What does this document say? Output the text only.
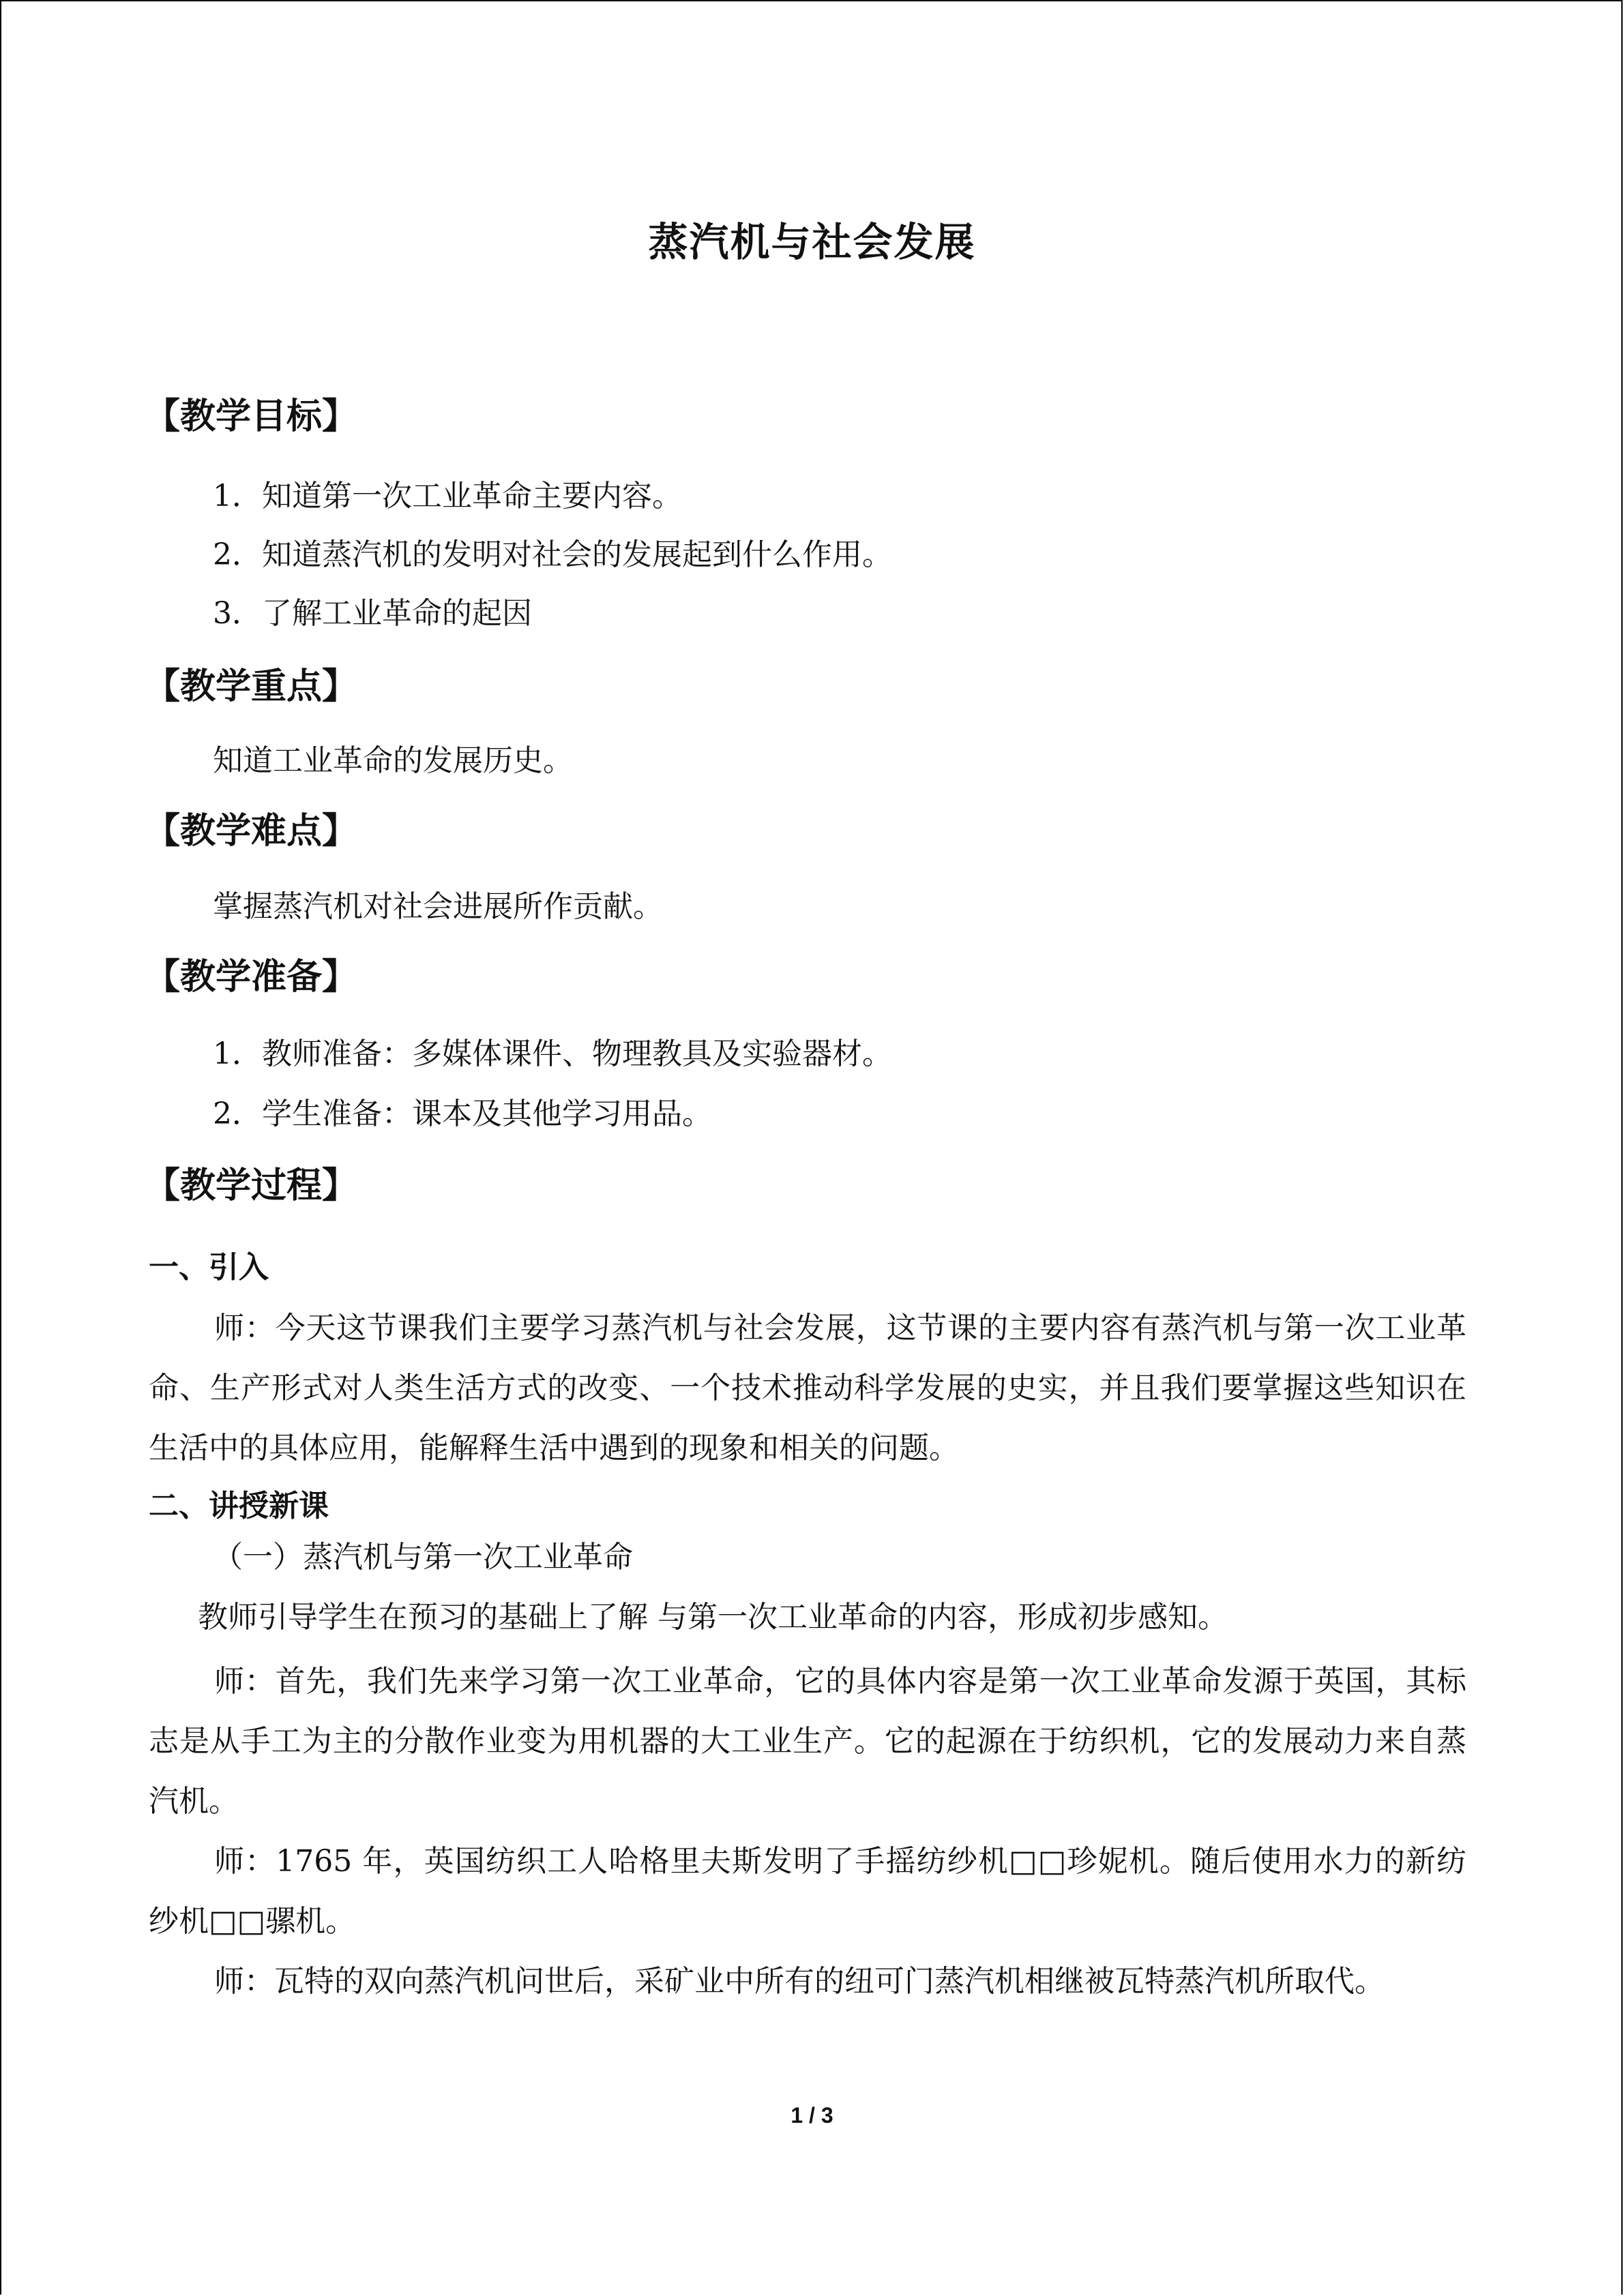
蒸汽机与社会发展
【教学目标】
1．知道第一次工业革命主要内容。
2．知道蒸汽机的发明对社会的发展起到什么作用。
3．了解工业革命的起因
【教学重点】
知道工业革命的发展历史。
【教学难点】
掌握蒸汽机对社会进展所作贡献。
【教学准备】
1．教师准备：多媒体课件、物理教具及实验器材。
2．学生准备：课本及其他学习用品。
【教学过程】
一、引入
师：今天这节课我们主要学习蒸汽机与社会发展，这节课的主要内容有蒸汽机与第一次工业革命、生产形式对人类生活方式的改变、一个技术推动科学发展的史实，并且我们要掌握这些知识在生活中的具体应用，能解释生活中遇到的现象和相关的问题。
二、讲授新课
（一）蒸汽机与第一次工业革命
教师引导学生在预习的基础上了解 与第一次工业革命的内容，形成初步感知。
师：首先，我们先来学习第一次工业革命，它的具体内容是第一次工业革命发源于英国，其标志是从手工为主的分散作业变为用机器的大工业生产。它的起源在于纺织机，它的发展动力来自蒸汽机。
师：1765 年，英国纺织工人哈格里夫斯发明了手摇纺纱机□□珍妮机。随后使用水力的新纺纱机□□骡机。
师：瓦特的双向蒸汽机问世后，采矿业中所有的纽可门蒸汽机相继被瓦特蒸汽机所取代。
1 / 3
